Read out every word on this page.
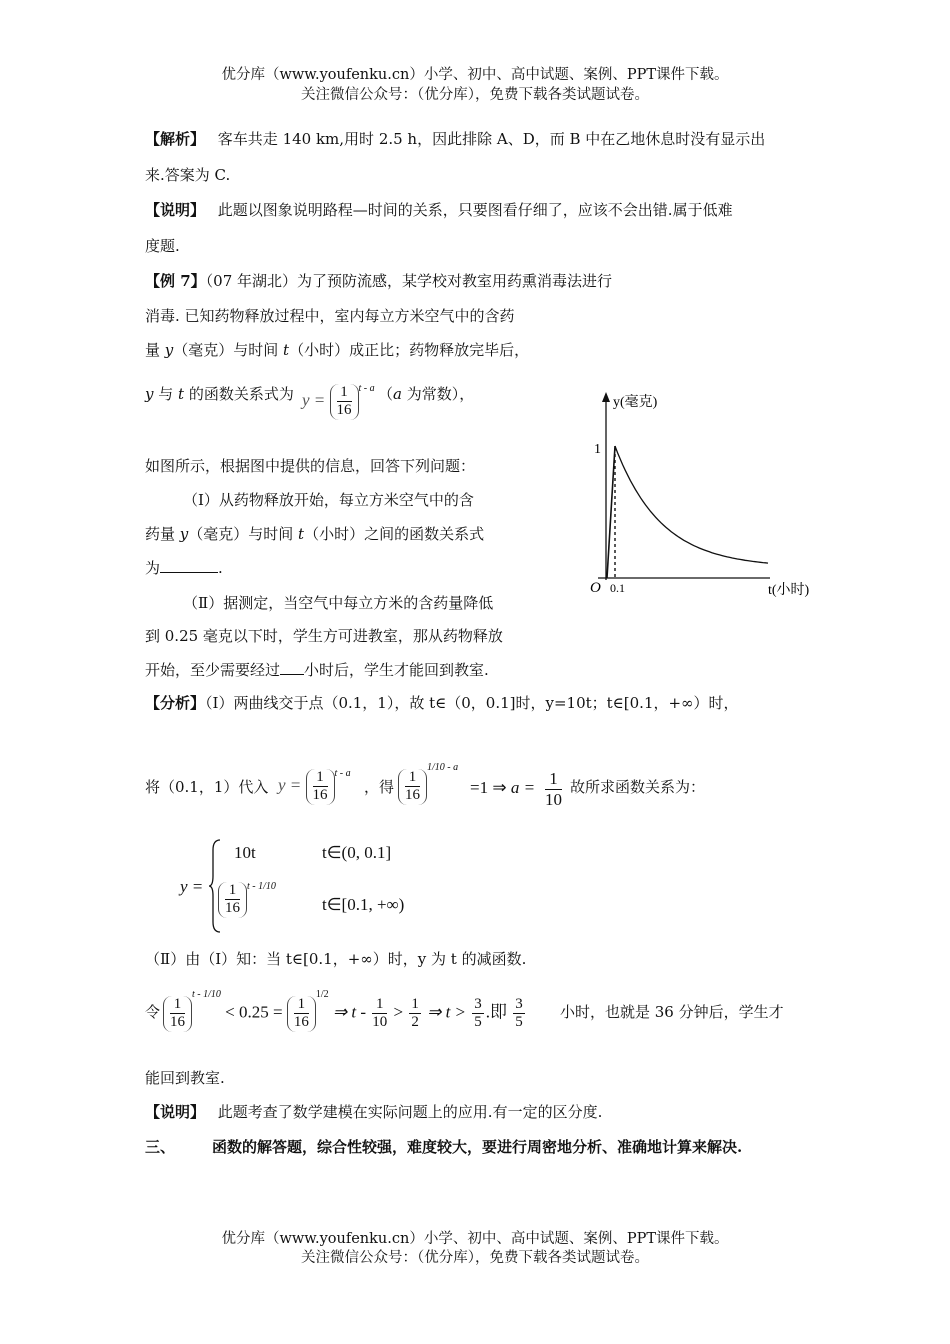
优分库（www.youfenku.cn）小学、初中、高中试题、案例、PPT课件下载。
关注微信公众号：（优分库），免费下载各类试题试卷。
【解析】 客车共走 140 km,用时 2.5 h，因此排除 A、D，而 B 中在乙地休息时没有显示出
来.答案为 C.
【说明】 此题以图象说明路程—时间的关系，只要图看仔细了，应该不会出错.属于低难
度题.
【例 7】（07 年湖北）为了预防流感，某学校对教室用药熏消毒法进行
消毒. 已知药物释放过程中，室内每立方米空气中的含药
量 y（毫克）与时间 t（小时）成正比；药物释放完毕后，
y 与 t 的函数关系式为 $y = \frac{1}{16} ^{t - a}$ （a 为常数），
如图所示，根据图中提供的信息，回答下列问题：
（Ⅰ）从药物释放开始，每立方米空气中的含
药量 y（毫克）与时间 t（小时）之间的函数关系式
为	.
（Ⅱ）据测定，当空气中每立方米的含药量降低
到 0.25 毫克以下时，学生方可进教室，那从药物释放
开始，至少需要经过 小时后，学生才能回到教室.
y(毫克)
1
O 0.1	t(小时)
【分析】（Ⅰ）两曲线交于点（0.1，1），故 t∈（0，0.1]时，y=10t；t∈[0.1，+∞）时，
将（0.1，1）代入 $y = \frac{1}{16} ^{t - a}$
，得 $\frac{1}{16}$
$^{1/10 - a}$
=1 ⇒ $a = \frac{1}{10}$ 故所求函数关系为：
y =
10t	t∈(0, 0.1]
$\frac{1}{16} ^{t - 1/10}$
t∈[0.1, +∞)
（Ⅱ）由（Ⅰ）知：当 t∈[0.1，+∞）时，y 为 t 的减函数.
令 $\frac{1}{16}$
$^{t - 1/10} < 0.25 = \frac{1}{16}$
$^{1/2}$ ⇒ $t - \frac{1}{10} > \frac{1}{2}$ ⇒ $t > \frac{3}{5}$ .即 $\frac{3}{5}$ 小时，也就是 36 分钟后，学生才
能回到教室.
【说明】 此题考查了数学建模在实际问题上的应用.有一定的区分度.
三、 函数的解答题，综合性较强，难度较大，要进行周密地分析、准确地计算来解决.
优分库（www.youfenku.cn）小学、初中、高中试题、案例、PPT课件下载。
关注微信公众号：（优分库），免费下载各类试题试卷。
